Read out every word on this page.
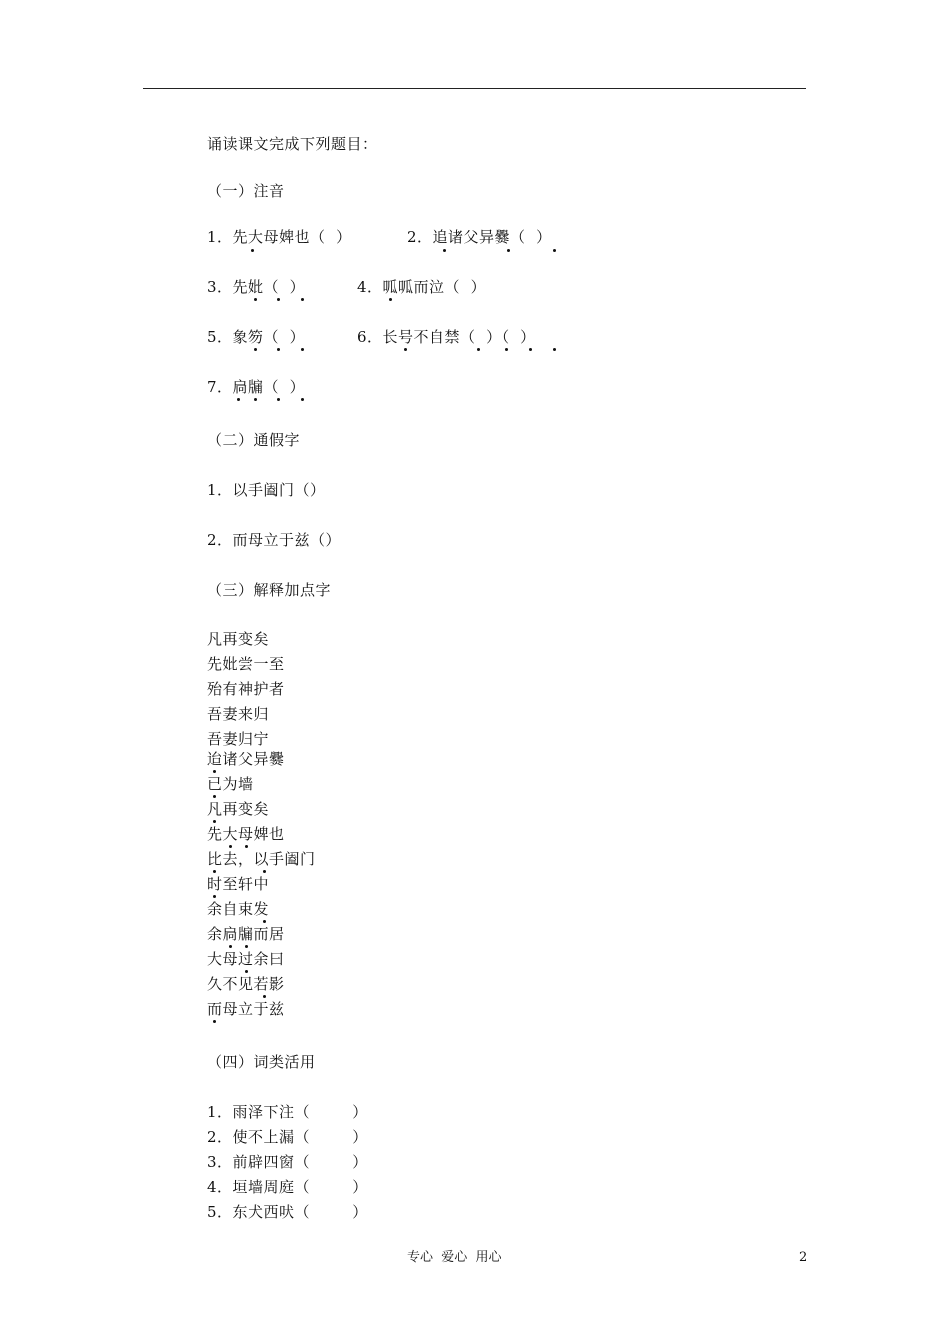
诵读课文完成下列题目：
（一）注音
1．先大母婢也（  ）	2．追诸父异爨（  ）
3．先妣（  ）	4．呱呱而泣（  ）
5．象笏（  ）	6．长号不自禁（  ）（  ）
7．扃牖（  ）
（二）通假字
1．以手阖门（）
2．而母立于兹（）
（三）解释加点字
凡再变矣
先妣尝一至
殆有神护者
吾妻来归
吾妻归宁
迨诸父异爨
已为墙
凡再变矣
先大母婢也
比去，以手阖门
时至轩中
余自束发
余扃牖而居
大母过余曰
久不见若影
而母立于兹
（四）词类活用
1．雨泽下注（        ）
2．使不上漏（        ）
3．前辟四窗（        ）
4．垣墙周庭（        ）
5．东犬西吠（        ）
专心  爱心  用心	2
